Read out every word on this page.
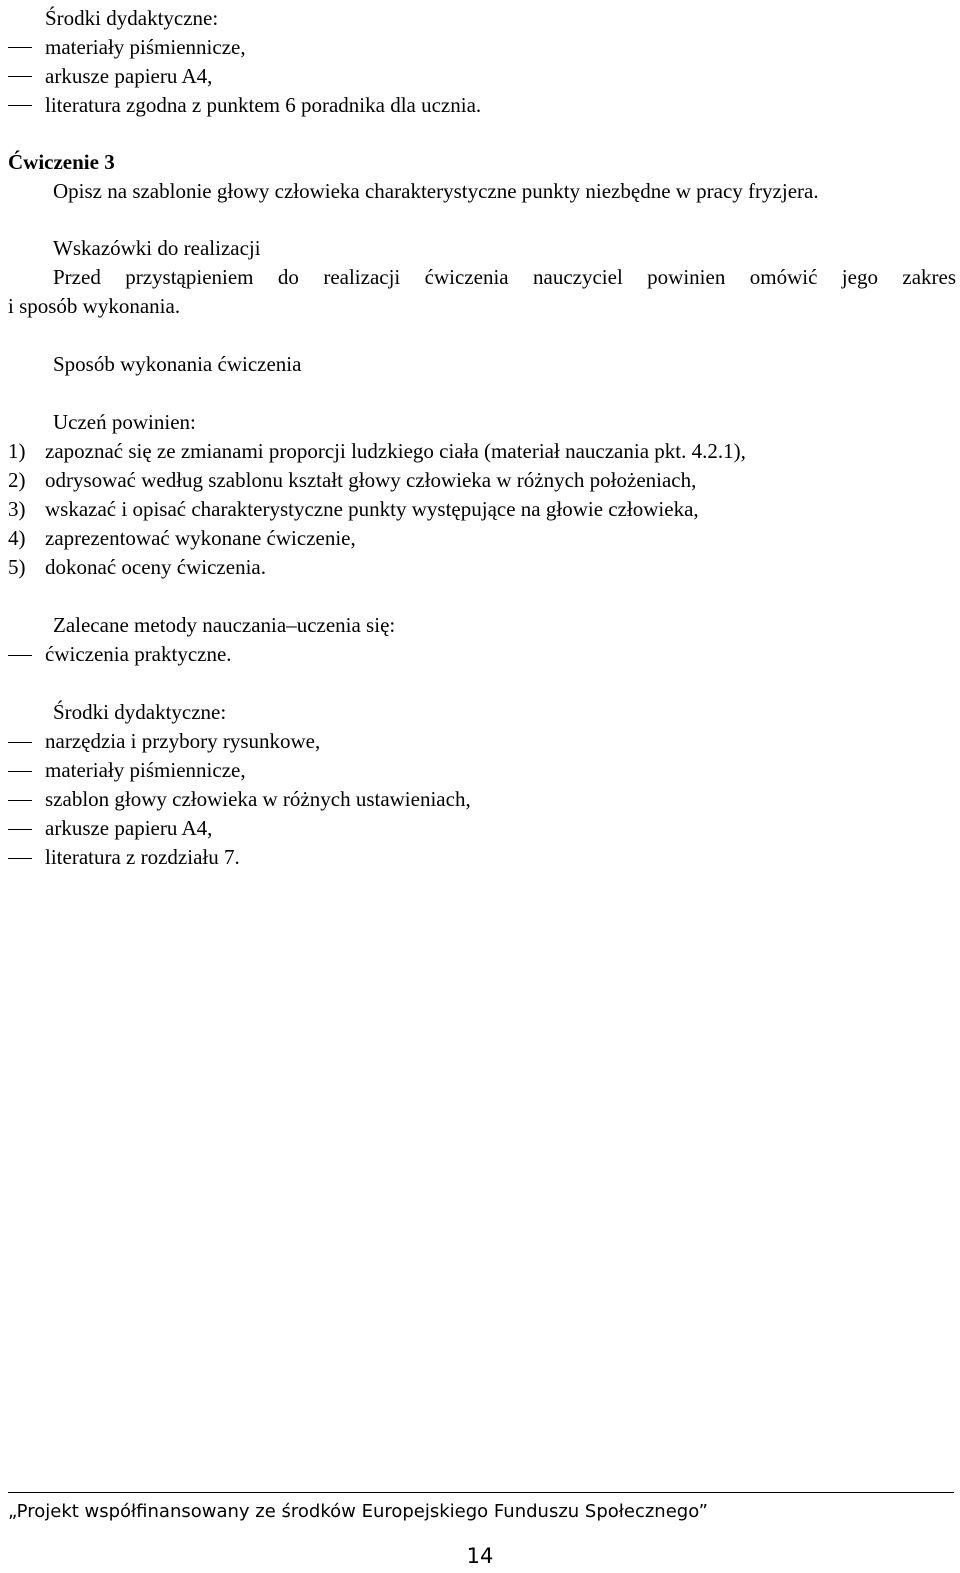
Środki dydaktyczne:
materiały piśmiennicze,
arkusze papieru A4,
literatura zgodna z punktem 6 poradnika dla ucznia.
Ćwiczenie 3
Opisz na szablonie głowy człowieka charakterystyczne punkty niezbędne w pracy fryzjera.
Wskazówki do realizacji
Przed przystąpieniem do realizacji ćwiczenia nauczyciel powinien omówić jego zakres
i sposób wykonania.
Sposób wykonania ćwiczenia
Uczeń powinien:
1) zapoznać się ze zmianami proporcji ludzkiego ciała (materiał nauczania pkt. 4.2.1),
2) odrysować według szablonu kształt głowy człowieka w różnych położeniach,
3) wskazać i opisać charakterystyczne punkty występujące na głowie człowieka,
4) zaprezentować wykonane ćwiczenie,
5) dokonać oceny ćwiczenia.
Zalecane metody nauczania–uczenia się:
ćwiczenia praktyczne.
Środki dydaktyczne:
narzędzia i przybory rysunkowe,
materiały piśmiennicze,
szablon głowy człowieka w różnych ustawieniach,
arkusze papieru A4,
literatura z rozdziału 7.
„Projekt współfinansowany ze środków Europejskiego Funduszu Społecznego”
14
